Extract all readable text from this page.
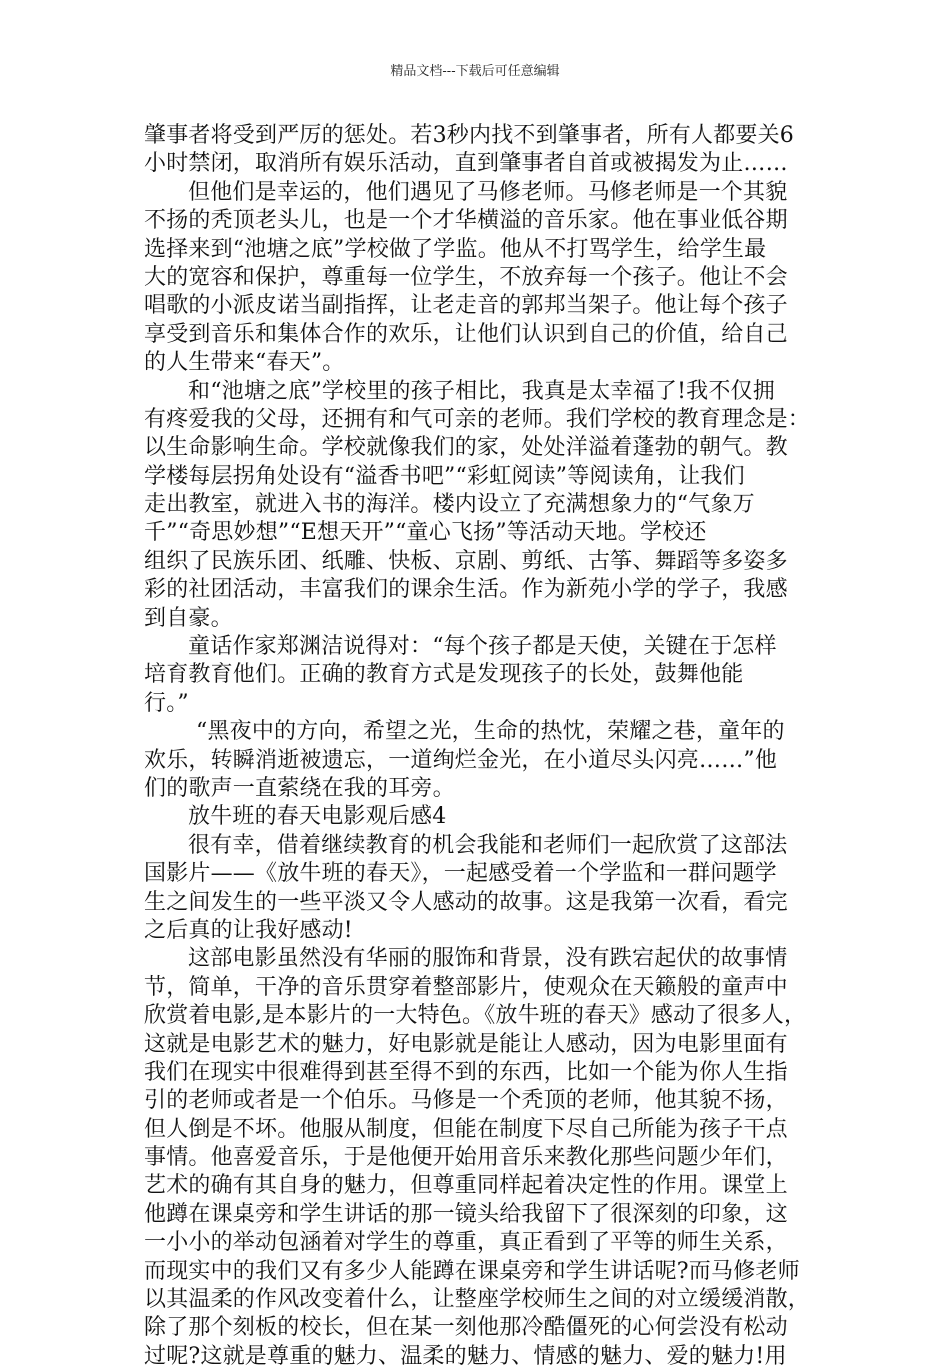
精品文档---下载后可任意编辑
肇事者将受到严厉的惩处。若3秒内找不到肇事者，所有人都要关6
小时禁闭，取消所有娱乐活动，直到肇事者自首或被揭发为止……
但他们是幸运的，他们遇见了马修老师。马修老师是一个其貌
不扬的秃顶老头儿，也是一个才华横溢的音乐家。他在事业低谷期
选择来到“池塘之底”学校做了学监。他从不打骂学生，给学生最
大的宽容和保护，尊重每一位学生，不放弃每一个孩子。他让不会
唱歌的小派皮诺当副指挥，让老走音的郭邦当架子。他让每个孩子
享受到音乐和集体合作的欢乐，让他们认识到自己的价值，给自己
的人生带来“春天”。
和“池塘之底”学校里的孩子相比，我真是太幸福了!我不仅拥
有疼爱我的父母，还拥有和气可亲的老师。我们学校的教育理念是：
以生命影响生命。学校就像我们的家，处处洋溢着蓬勃的朝气。教
学楼每层拐角处设有“溢香书吧”“彩虹阅读”等阅读角，让我们
走出教室，就进入书的海洋。楼内设立了充满想象力的“气象万
千”“奇思妙想”“E想天开”“童心飞扬”等活动天地。学校还
组织了民族乐团、纸雕、快板、京剧、剪纸、古筝、舞蹈等多姿多
彩的社团活动，丰富我们的课余生活。作为新苑小学的学子，我感
到自豪。
童话作家郑渊洁说得对：“每个孩子都是天使，关键在于怎样
培育教育他们。正确的教育方式是发现孩子的长处，鼓舞他能
行。”
“黑夜中的方向，希望之光，生命的热忱，荣耀之巷，童年的
欢乐，转瞬消逝被遗忘，一道绚烂金光，在小道尽头闪亮……”他
们的歌声一直萦绕在我的耳旁。
放牛班的春天电影观后感4
很有幸，借着继续教育的机会我能和老师们一起欣赏了这部法
国影片——《放牛班的春天》，一起感受着一个学监和一群问题学
生之间发生的一些平淡又令人感动的故事。这是我第一次看，看完
之后真的让我好感动!
这部电影虽然没有华丽的服饰和背景，没有跌宕起伏的故事情
节，简单，干净的音乐贯穿着整部影片，使观众在天籁般的童声中
欣赏着电影,是本影片的一大特色。《放牛班的春天》感动了很多人，
这就是电影艺术的魅力，好电影就是能让人感动，因为电影里面有
我们在现实中很难得到甚至得不到的东西，比如一个能为你人生指
引的老师或者是一个伯乐。马修是一个秃顶的老师，他其貌不扬，
但人倒是不坏。他服从制度，但能在制度下尽自己所能为孩子干点
事情。他喜爱音乐，于是他便开始用音乐来教化那些问题少年们，
艺术的确有其自身的魅力，但尊重同样起着决定性的作用。课堂上
他蹲在课桌旁和学生讲话的那一镜头给我留下了很深刻的印象，这
一小小的举动包涵着对学生的尊重，真正看到了平等的师生关系，
而现实中的我们又有多少人能蹲在课桌旁和学生讲话呢?而马修老师
以其温柔的作风改变着什么，让整座学校师生之间的对立缓缓消散，
除了那个刻板的校长，但在某一刻他那冷酷僵死的心何尝没有松动
过呢?这就是尊重的魅力、温柔的魅力、情感的魅力、爱的魅力!用
